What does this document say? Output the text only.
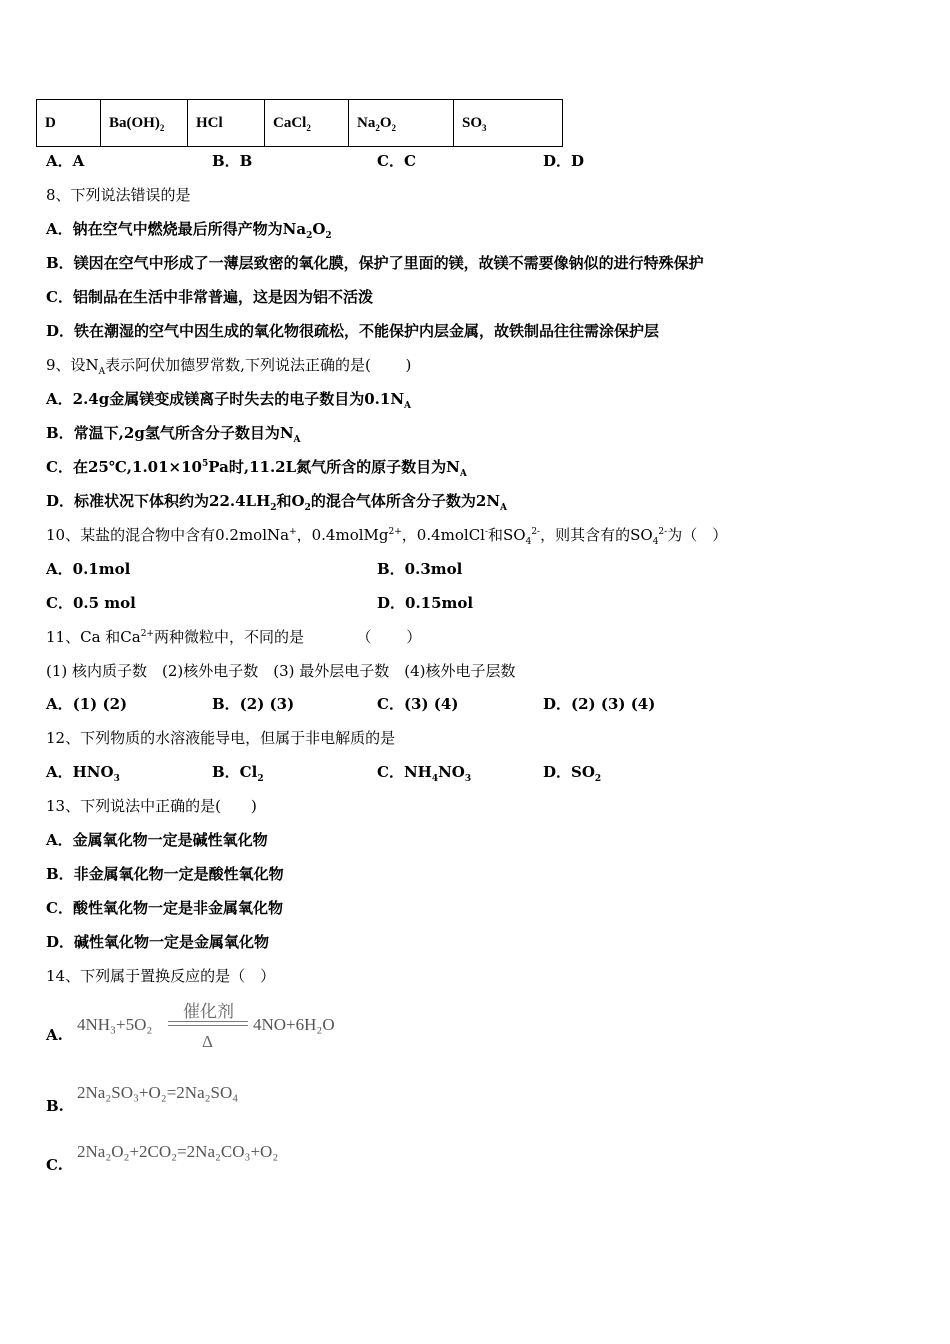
D	$Ba(OH)_2$	HCl	CaCl$_2$	$Na_2O_2$	$SO_3$
A．A	B．B	C．C	D．D
8、下列说法错误的是
A．钠在空气中燃烧最后所得产物为$Na_2O_2$
B．镁因在空气中形成了一薄层致密的氧化膜，保护了里面的镁，故镁不需要像钠似的进行特殊保护
C．铝制品在生活中非常普遍，这是因为铝不活泼
D．铁在潮湿的空气中因生成的氧化物很疏松，不能保护内层金属，故铁制品往往需涂保护层
9、设$N_A$表示阿伏加德罗常数,下列说法正确的是(　　 )
A．2.4g金属镁变成镁离子时失去的电子数目为$0.1N_A$
B．常温下,2g氢气所含分子数目为$N_A$
C．在$25℃,1.01\times 10^5Pa$时,11.2L氮气所含的原子数目为$N_A$
D．标准状况下体积约为$22.4LH_2$和$O_2$的混合气体所含分子数为$2N_A$
10、某盐的混合物中含有0.2molNa+，0.4molMg$^{2+}$，0.4molCl-和$SO_4^{2-}$，则其含有的$SO_4^{2-}$为（　）
A．0.1mol	B．0.3mol
C．0.5 mol	D．0.15mol
11、Ca 和$Ca^{2+}$两种微粒中，不同的是　　　　（　　 ）
(1) 核内质子数　(2)核外电子数　(3) 最外层电子数　(4)核外电子层数
A．(1) (2)	B．(2) (3)	C．(3) (4)	D．(2) (3) (4)
12、下列物质的水溶液能导电，但属于非电解质的是
A．$HNO_3$	B．$Cl_2$	C．$NH_4NO_3$	D．$SO_2$
13、下列说法中正确的是(　　)
A．金属氧化物一定是碱性氧化物
B．非金属氧化物一定是酸性氧化物
C．酸性氧化物一定是非金属氧化物
D．碱性氧化物一定是金属氧化物
14、下列属于置换反应的是（　）
A.
4NH₃+5O₂
催化剂
Δ
4NO+6H₂O
B.
2Na₂SO₃+O₂=2Na₂SO₄
C.
2Na₂O₂+2CO₂=2Na₂CO₃+O₂
